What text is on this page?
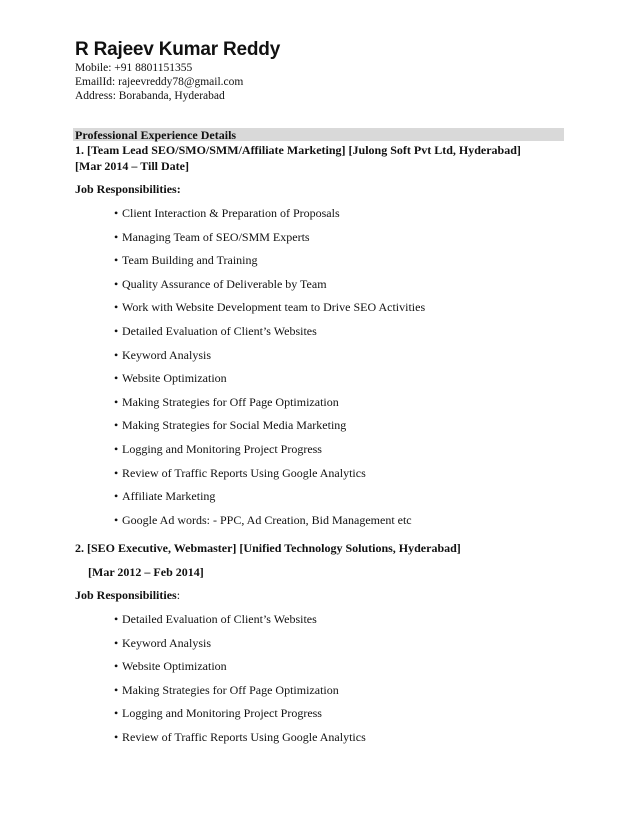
R Rajeev Kumar Reddy
Mobile: +91 8801151355
EmailId: rajeevreddy78@gmail.com
Address: Borabanda, Hyderabad
Professional Experience Details
1. [Team Lead SEO/SMO/SMM/Affiliate Marketing] [Julong Soft Pvt Ltd, Hyderabad]
[Mar 2014 – Till Date]
Job Responsibilities:
• Client Interaction & Preparation of Proposals
• Managing Team of SEO/SMM Experts
• Team Building and Training
• Quality Assurance of Deliverable by Team
• Work with Website Development team to Drive SEO Activities
• Detailed Evaluation of Client’s Websites
• Keyword Analysis
• Website Optimization
• Making Strategies for Off Page Optimization
• Making Strategies for Social Media Marketing
• Logging and Monitoring Project Progress
• Review of Traffic Reports Using Google Analytics
• Affiliate Marketing
• Google Ad words: - PPC, Ad Creation, Bid Management etc
2. [SEO Executive, Webmaster] [Unified Technology Solutions, Hyderabad]
[Mar 2012 – Feb 2014]
Job Responsibilities:
• Detailed Evaluation of Client’s Websites
• Keyword Analysis
• Website Optimization
• Making Strategies for Off Page Optimization
• Logging and Monitoring Project Progress
• Review of Traffic Reports Using Google Analytics
